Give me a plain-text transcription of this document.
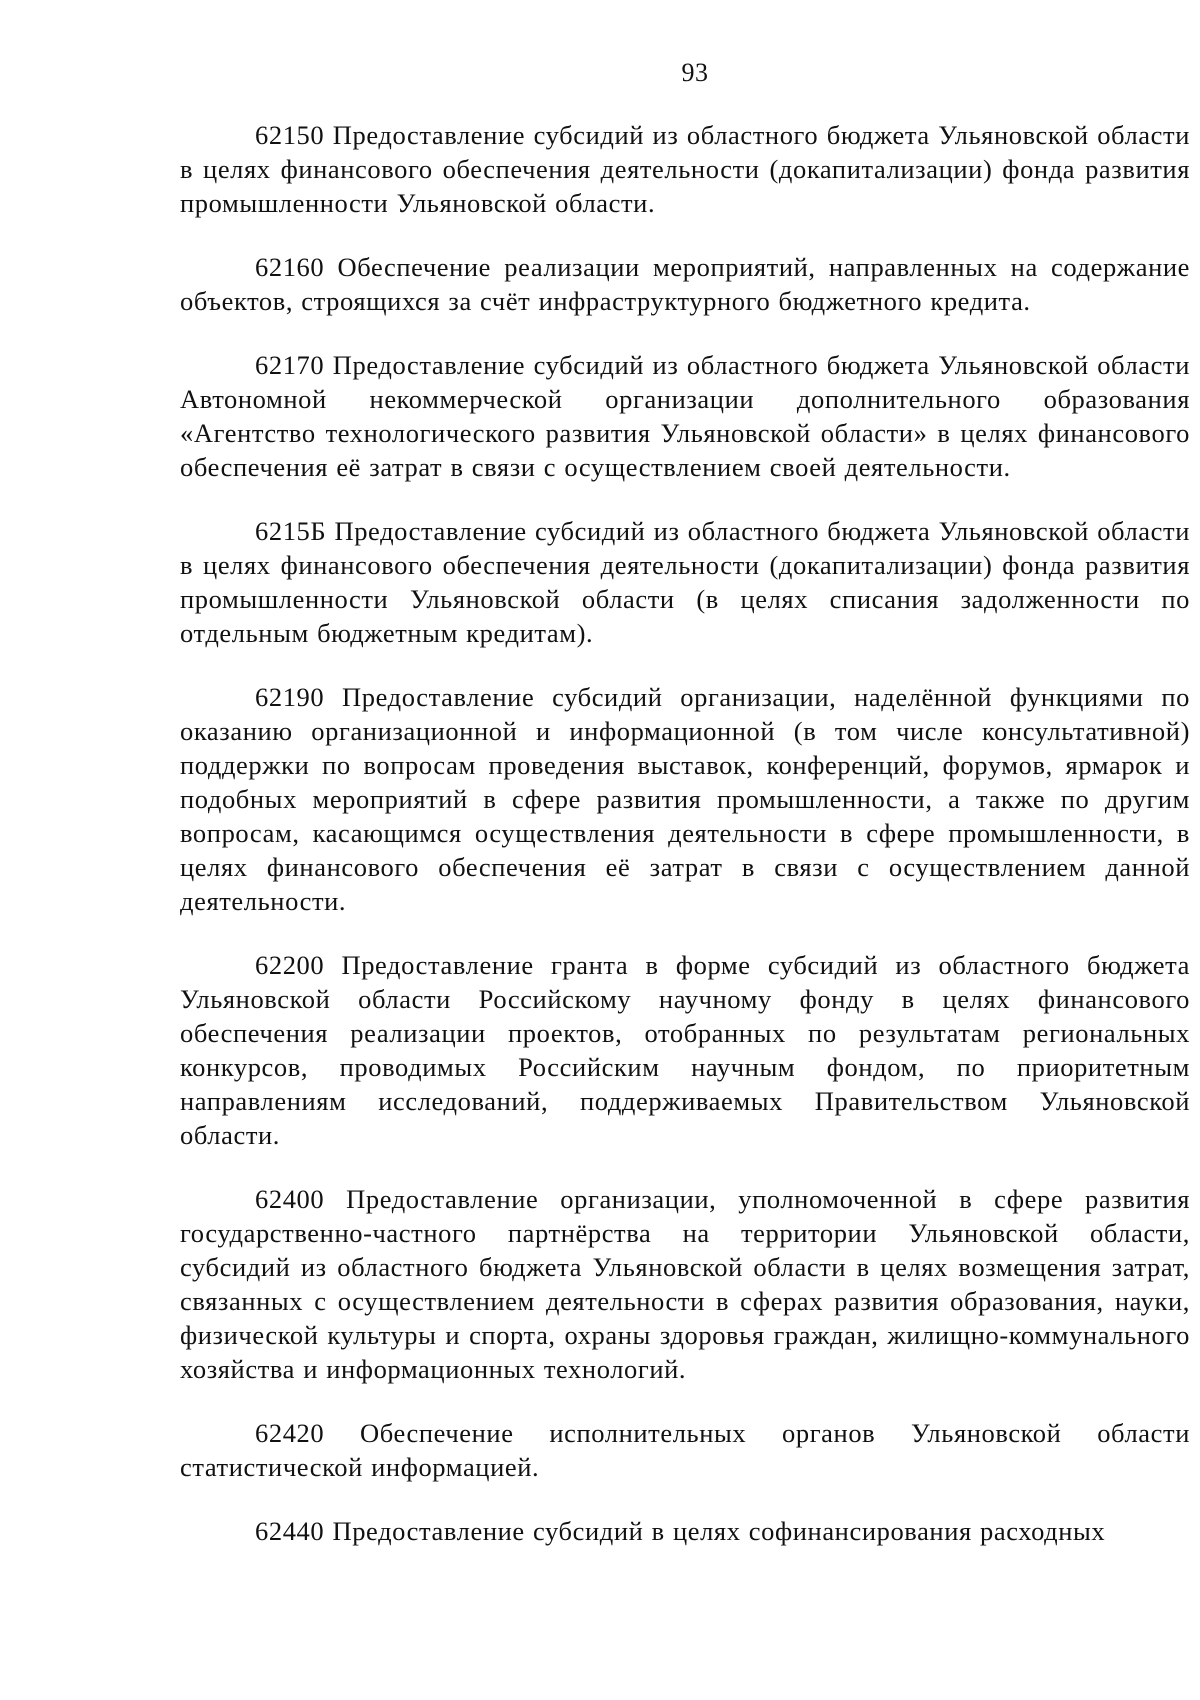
93

62150 Предоставление субсидий из областного бюджета Ульяновской области в целях финансового обеспечения деятельности (докапитализации) фонда развития промышленности Ульяновской области.

62160 Обеспечение реализации мероприятий, направленных на содержание объектов, строящихся за счёт инфраструктурного бюджетного кредита.

62170 Предоставление субсидий из областного бюджета Ульяновской области Автономной некоммерческой организации дополнительного образования «Агентство технологического развития Ульяновской области» в целях финансового обеспечения её затрат в связи с осуществлением своей деятельности.

6215Б Предоставление субсидий из областного бюджета Ульяновской области в целях финансового обеспечения деятельности (докапитализации) фонда развития промышленности Ульяновской области (в целях списания задолженности по отдельным бюджетным кредитам).

62190 Предоставление субсидий организации, наделённой функциями по оказанию организационной и информационной (в том числе консультативной) поддержки по вопросам проведения выставок, конференций, форумов, ярмарок и подобных мероприятий в сфере развития промышленности, а также по другим вопросам, касающимся осуществления деятельности в сфере промышленности, в целях финансового обеспечения её затрат в связи с осуществлением данной деятельности.

62200 Предоставление гранта в форме субсидий из областного бюджета Ульяновской области Российскому научному фонду в целях финансового обеспечения реализации проектов, отобранных по результатам региональных конкурсов, проводимых Российским научным фондом, по приоритетным направлениям исследований, поддерживаемых Правительством Ульяновской области.

62400 Предоставление организации, уполномоченной в сфере развития государственно-частного партнёрства на территории Ульяновской области, субсидий из областного бюджета Ульяновской области в целях возмещения затрат, связанных с осуществлением деятельности в сферах развития образования, науки, физической культуры и спорта, охраны здоровья граждан, жилищно-коммунального хозяйства и информационных технологий.

62420 Обеспечение исполнительных органов Ульяновской области статистической информацией.

62440 Предоставление субсидий в целях софинансирования расходных
